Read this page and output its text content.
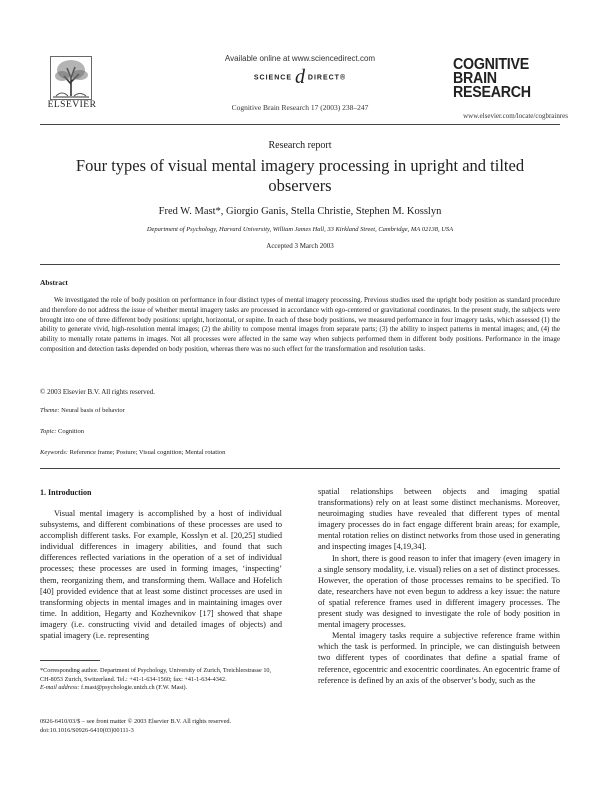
Available online at www.sciencedirect.com
SCIENCE d DIRECT®
Cognitive Brain Research 17 (2003) 238–247
ELSEVIER
COGNITIVE
BRAIN
RESEARCH
www.elsevier.com/locate/cogbrainres
Research report
Four types of visual mental imagery processing in upright and tilted observers
Fred W. Mast*, Giorgio Ganis, Stella Christie, Stephen M. Kosslyn
Department of Psychology, Harvard University, William James Hall, 33 Kirkland Street, Cambridge, MA 02138, USA
Accepted 3 March 2003
Abstract

We investigated the role of body position on performance in four distinct types of mental imagery processing. Previous studies used the upright body position as standard procedure and therefore do not address the issue of whether mental imagery tasks are processed in accordance with ego-centered or gravitational coordinates. In the present study, the subjects were brought into one of three different body positions: upright, horizontal, or supine. In each of these body positions, we measured performance in four imagery tasks, which assessed (1) the ability to generate vivid, high-resolution mental images; (2) the ability to compose mental images from separate parts; (3) the ability to inspect patterns in mental images; and, (4) the ability to mentally rotate patterns in images. Not all processes were affected in the same way when subjects performed them in different body positions. Performance in the image composition and detection tasks depended on body position, whereas there was no such effect for the transformation and resolution tasks.

© 2003 Elsevier B.V. All rights reserved.
Theme: Neural basis of behavior
Topic: Cognition
Keywords: Reference frame; Posture; Visual cognition; Mental rotation
1. Introduction

Visual mental imagery is accomplished by a host of individual subsystems, and different combinations of these processes are used to accomplish different tasks. For example, Kosslyn et al. [20,25] studied individual differences in imagery abilities, and found that such differences reflected variations in the operation of a set of individual processes; these processes are used in forming images, ‘inspecting’ them, reorganizing them, and transforming them. Wallace and Hofelich [40] provided evidence that at least some distinct processes are used in transforming objects in mental images and in maintaining images over time. In addition, Hegarty and Kozhevnikov [17] showed that shape imagery (i.e. constructing vivid and detailed images of objects) and spatial imagery (i.e. representing

spatial relationships between objects and imaging spatial transformations) rely on at least some distinct mechanisms. Moreover, neuroimaging studies have revealed that different types of mental imagery processes do in fact engage different brain areas; for example, mental rotation relies on distinct networks from those used in generating and inspecting images [4,19,34].

In short, there is good reason to infer that imagery (even imagery in a single sensory modality, i.e. visual) relies on a set of distinct processes. However, the operation of those processes remains to be specified. To date, researchers have not even begun to address a key issue: the nature of spatial reference frames used in different imagery processes. The present study was designed to investigate the role of body position in mental imagery processes.

Mental imagery tasks require a subjective reference frame within which the task is performed. In principle, we can distinguish between two different types of coordinates that define a spatial frame of reference, egocentric and exocentric coordinates. An egocentric frame of reference is defined by an axis of the observer’s body, such as the

*Corresponding author. Department of Psychology, University of Zurich, Treichlerstrasse 10, CH-8053 Zurich, Switzerland. Tel.: +41-1-634-1560; fax: +41-1-634-4342.
E-mail address: f.mast@psychologie.unizh.ch (F.W. Mast).
0926-6410/03/$ – see front matter © 2003 Elsevier B.V. All rights reserved.
doi:10.1016/S0926-6410(03)00111-3
